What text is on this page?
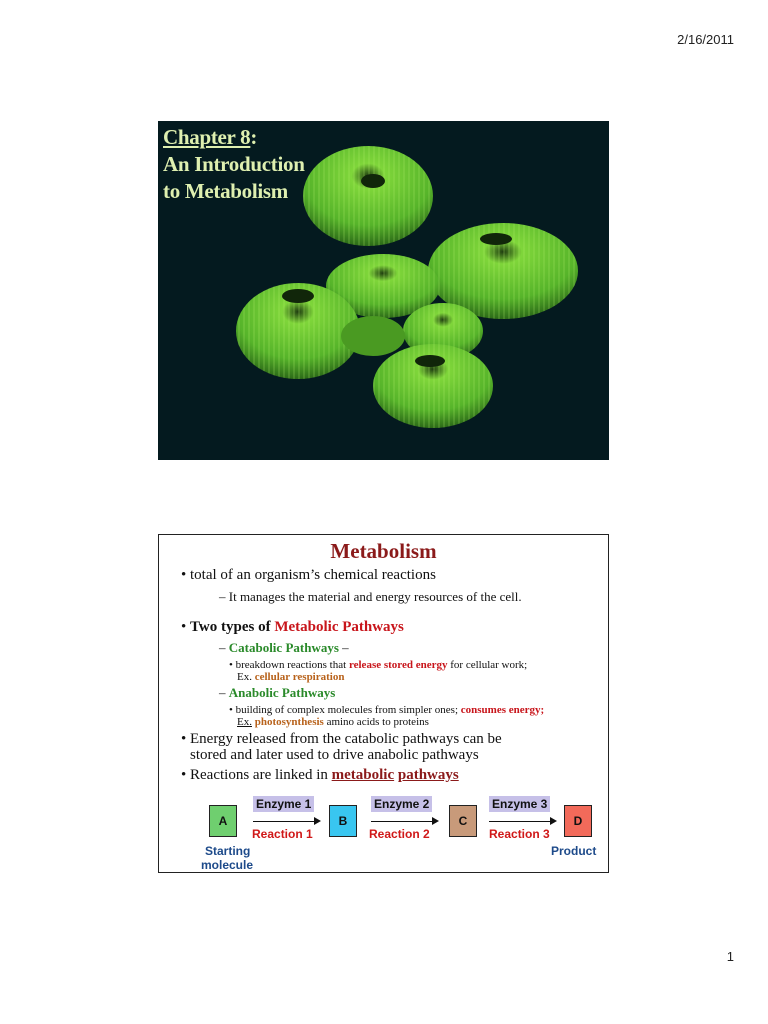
2/16/2011
Chapter 8:
An Introduction
to Metabolism
Metabolism
• total of an organism’s chemical reactions
– It manages the material and energy resources of the cell.
• Two types of Metabolic Pathways
– Catabolic Pathways –
• breakdown reactions that release stored energy for cellular work;
Ex. cellular respiration
– Anabolic Pathways
• building of complex molecules from simpler ones; consumes energy;
Ex. photosynthesis amino acids to proteins
• Energy released from the catabolic pathways can be
stored and later used to drive anabolic pathways
• Reactions are linked in metabolic pathways
Enzyme 1	Enzyme 2	Enzyme 3
A	B	C	D
Reaction 1	Reaction 2	Reaction 3
Starting
molecule
Product
1
